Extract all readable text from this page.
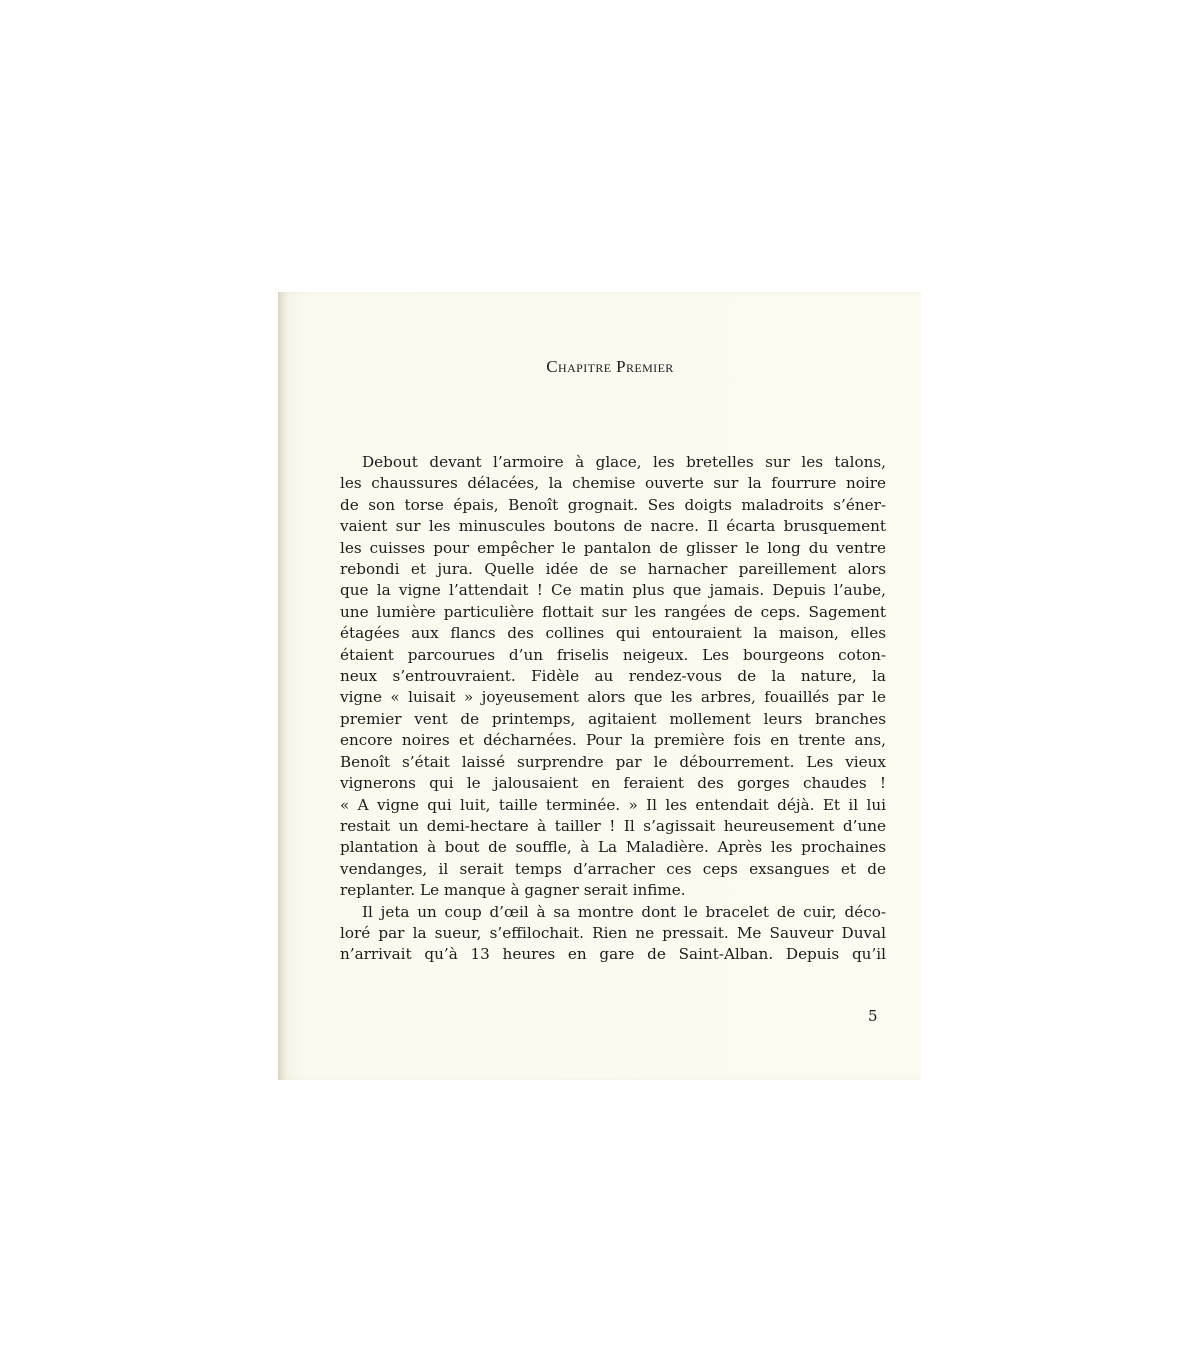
Chapitre Premier
Debout devant l’armoire à glace, les bretelles sur les talons,
les chaussures délacées, la chemise ouverte sur la fourrure noire
de son torse épais, Benoît grognait. Ses doigts maladroits s’éner-
vaient sur les minuscules boutons de nacre. Il écarta brusquement
les cuisses pour empêcher le pantalon de glisser le long du ventre
rebondi et jura. Quelle idée de se harnacher pareillement alors
que la vigne l’attendait ! Ce matin plus que jamais. Depuis l’aube,
une lumière particulière flottait sur les rangées de ceps. Sagement
étagées aux flancs des collines qui entouraient la maison, elles
étaient parcourues d’un friselis neigeux. Les bourgeons coton-
neux s’entrouvraient. Fidèle au rendez-vous de la nature, la
vigne « luisait » joyeusement alors que les arbres, fouaillés par le
premier vent de printemps, agitaient mollement leurs branches
encore noires et décharnées. Pour la première fois en trente ans,
Benoît s’était laissé surprendre par le débourrement. Les vieux
vignerons qui le jalousaient en feraient des gorges chaudes !
« A vigne qui luit, taille terminée. » Il les entendait déjà. Et il lui
restait un demi-hectare à tailler ! Il s’agissait heureusement d’une
plantation à bout de souffle, à La Maladière. Après les prochaines
vendanges, il serait temps d’arracher ces ceps exsangues et de
replanter. Le manque à gagner serait infime.
Il jeta un coup d’œil à sa montre dont le bracelet de cuir, déco-
loré par la sueur, s’effilochait. Rien ne pressait. Me Sauveur Duval
n’arrivait qu’à 13 heures en gare de Saint-Alban. Depuis qu’il
5
